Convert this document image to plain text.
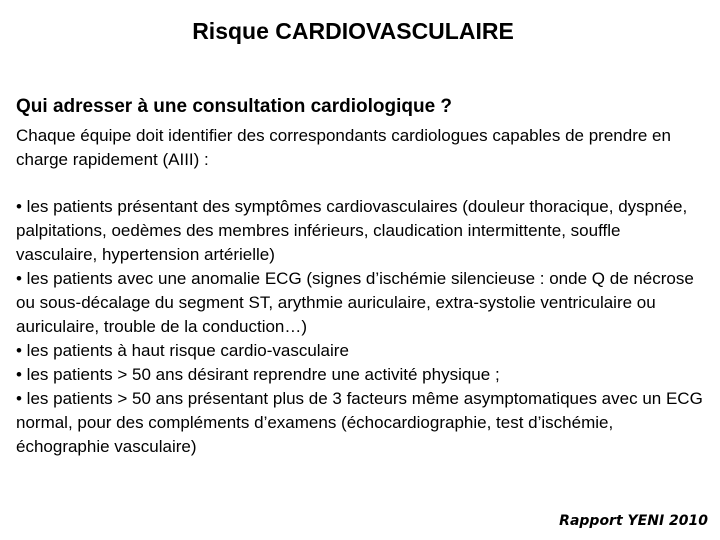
Risque CARDIOVASCULAIRE

Qui adresser à une consultation cardiologique ?

Chaque équipe doit identifier des correspondants cardiologues capables de prendre en charge rapidement (AIII) :

• les patients présentant des symptômes cardiovasculaires (douleur thoracique, dyspnée, palpitations, oedèmes des membres inférieurs, claudication intermittente, souffle vasculaire, hypertension artérielle)
• les patients avec une anomalie ECG (signes d’ischémie silencieuse : onde Q de nécrose ou sous-décalage du segment ST, arythmie auriculaire, extra-systolie ventriculaire ou auriculaire, trouble de la conduction…)
• les patients à haut risque cardio-vasculaire
• les patients > 50 ans désirant reprendre une activité physique ;
• les patients > 50 ans présentant plus de 3 facteurs même asymptomatiques avec un ECG normal, pour des compléments d’examens (échocardiographie, test d’ischémie, échographie vasculaire)
Rapport YENI 2010
